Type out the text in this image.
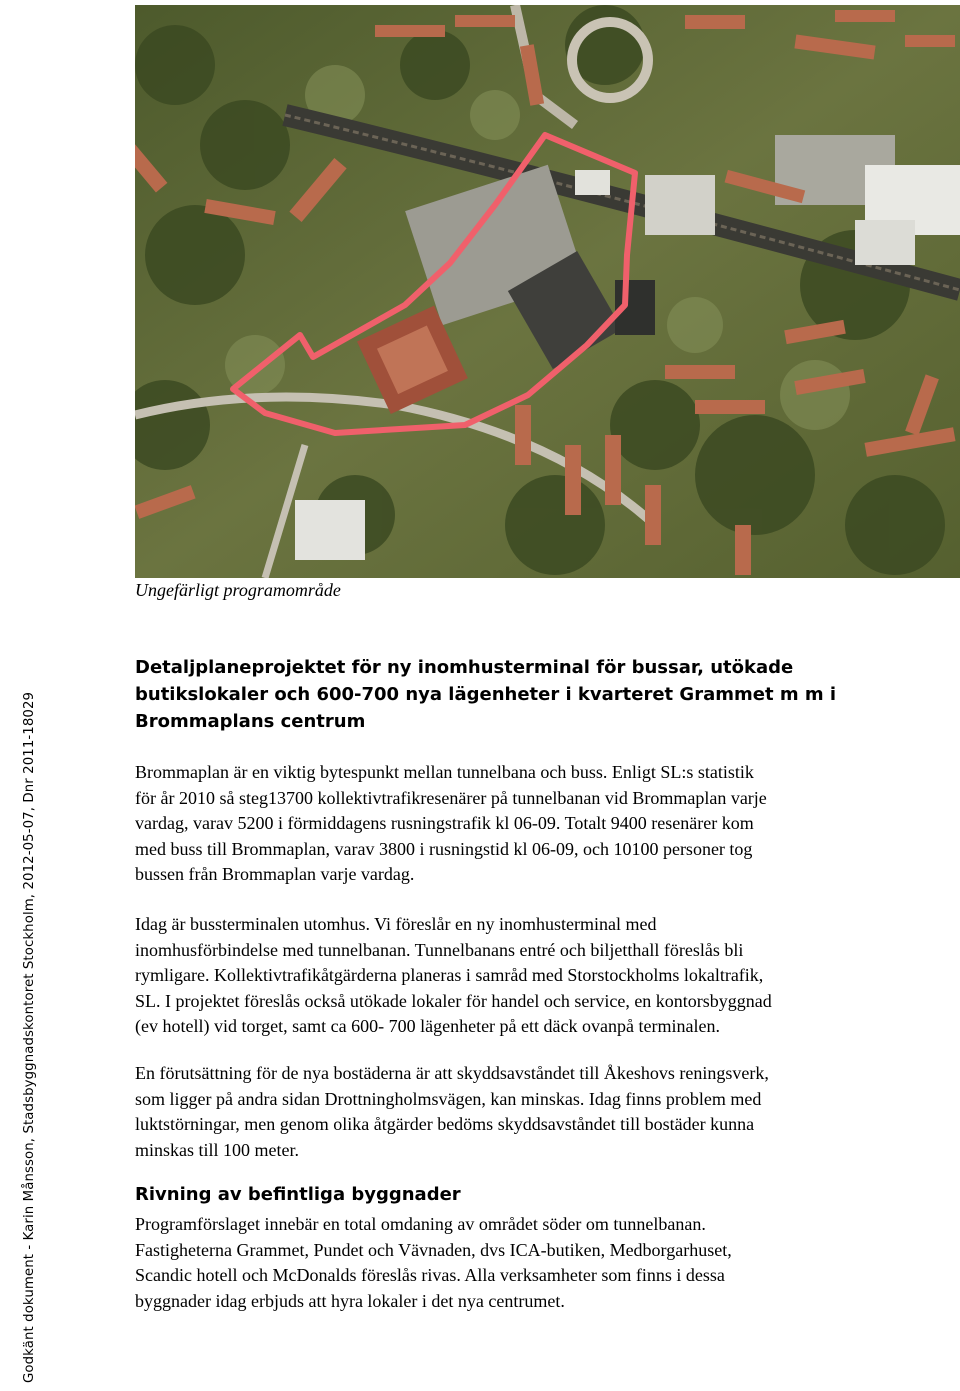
Godkänt dokument - Karin Månsson, Stadsbyggnadskontoret Stockholm, 2012-05-07, Dnr 2011-18029
Ungefärligt programområde
Detaljplaneprojektet för ny inomhusterminal för bussar, utökade
butikslokaler och 600-700 nya lägenheter i kvarteret Grammet m m i
Brommaplans centrum

Brommaplan är en viktig bytespunkt mellan tunnelbana och buss. Enligt SL:s statistik
för år 2010 så steg13700 kollektivtrafikresenärer på tunnelbanan vid Brommaplan varje
vardag, varav 5200 i förmiddagens rusningstrafik kl 06-09. Totalt 9400 resenärer kom
med buss till Brommaplan, varav 3800 i rusningstid kl 06-09, och 10100 personer tog
bussen från Brommaplan varje vardag.

Idag är bussterminalen utomhus. Vi föreslår en ny inomhusterminal med
inomhusförbindelse med tunnelbanan. Tunnelbanans entré och biljetthall föreslås bli
rymligare. Kollektivtrafikåtgärderna planeras i samråd med Storstockholms lokaltrafik,
SL. I projektet föreslås också utökade lokaler för handel och service, en kontorsbyggnad
(ev hotell) vid torget, samt ca 600- 700 lägenheter på ett däck ovanpå terminalen.

En förutsättning för de nya bostäderna är att skyddsavståndet till Åkeshovs reningsverk,
som ligger på andra sidan Drottningholmsvägen, kan minskas. Idag finns problem med
luktstörningar, men genom olika åtgärder bedöms skyddsavståndet till bostäder kunna
minskas till 100 meter.

Rivning av befintliga byggnader

Programförslaget innebär en total omdaning av området söder om tunnelbanan.
Fastigheterna Grammet, Pundet och Vävnaden, dvs ICA-butiken, Medborgarhuset,
Scandic hotell och McDonalds föreslås rivas. Alla verksamheter som finns i dessa
byggnader idag erbjuds att hyra lokaler i det nya centrumet.
